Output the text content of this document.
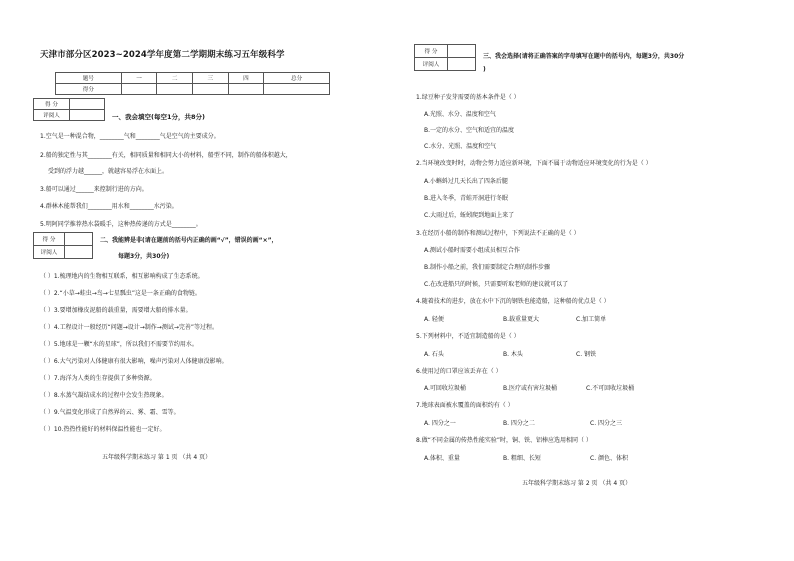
天津市部分区2023~2024学年度第二学期期末练习五年级科学
题号	一	二	三	四	总分
得分					
得 分	
评阅人		一、我会填空(每空1分，共8分)
1.空气是一种混合物，________气和________气是空气的主要成分。
2.船的独定性与其________有关，相同质量和相同大小的材料，船型不同，制作的船体积越大，
受到的浮力越______，就越容易浮在水面上。
3.船可以通过______来控制行进的方向。
4.群林木能帮我们________用水和________水污染。
5.明阿同学推荐热水袋暖手，这种热传递的方式是________。
得 分	
评阅人	
二、我能辨是非(请在题前的括号内正确的画“√”，错误的画“×”，
每题3分，共30分)
（ ）1.梳理地内的生物相互联系，相互影响构成了生态系统。
（ ）2.“小草→蛙虫→鸟→七星瓢虫”这是一条正确的食物链。
（ ）3.要增加橡皮泥船的载重量，需要增大船的排水量。
（ ）4.工程设计一般经历“问题→设计→制作→测试→完善”等过程。
（ ）5.地球是一颗“水的星球”，所以我们不需要节约用水。
（ ）6.大气污染对人体健康有很大影响，噪声污染对人体健康没影响。
（ ）7.海洋为人类的生存提供了多种资源。
（ ）8.水蒸气凝结成水的过程中会发生热现象。
（ ）9.气温变化形成了自然界的云、雾、霜、雪等。
（ ）10.热热性能好的材料保温性能也一定好。
五年级科学期末练习 第 1 页 （共 4 页）
得 分	
评阅人	
三、我会选择(请将正确答案的字母填写在题中的括号内，每题3分，共30分
)
1.绿豆种子发芽需要的基本条件是（ ）
A.光照、水分、温度和空气
B.一定的水分、空气和适宜的温度
C.水分、光照、温度和空气
2.当环境改变时时，动物会努力适应新环境，下面不属于动物适应环境变化的行为是（ ）
A.小蝌蚪过几天长出了四条后腿
B.进入冬季，青蛙开洞进行冬眠
C.大雨过后，蚯蚓爬到地面上来了
3.在经历小船的制作和测试过程中，下列说法不正确的是（ ）
A.测试小船时需要小组成员相互合作
B.制作小船之前，我们需要制定合理的制作步骤
C.在改进船只的时候，只需要听取老师的建议就可以了
4.随着技术的进步，放在水中下沉的钢铁也能造船，这种船的优点是（ ）
A. 轻便	B.载重量更大	C.加工简单
5.下列材料中，不适宜制造船的是（ ）
A. 石头	B. 木头	C. 钢铁
6.使用过的口罩应该丢弃在（ ）
A.可回收垃圾桶	B.医疗或有害垃圾桶	C.不可回收垃圾桶
7.地球表面被水覆盖的面积约有（ ）
A. 四分之一	B. 四分之二	C. 四分之三
8.做“不同金属的传热性能实验”时，铜、铁、铝棒应选用相同（ ）
A.体积、重量	B. 粗细、长短	C. 颜色、体积
五年级科学期末练习 第 2 页 （共 4 页）
